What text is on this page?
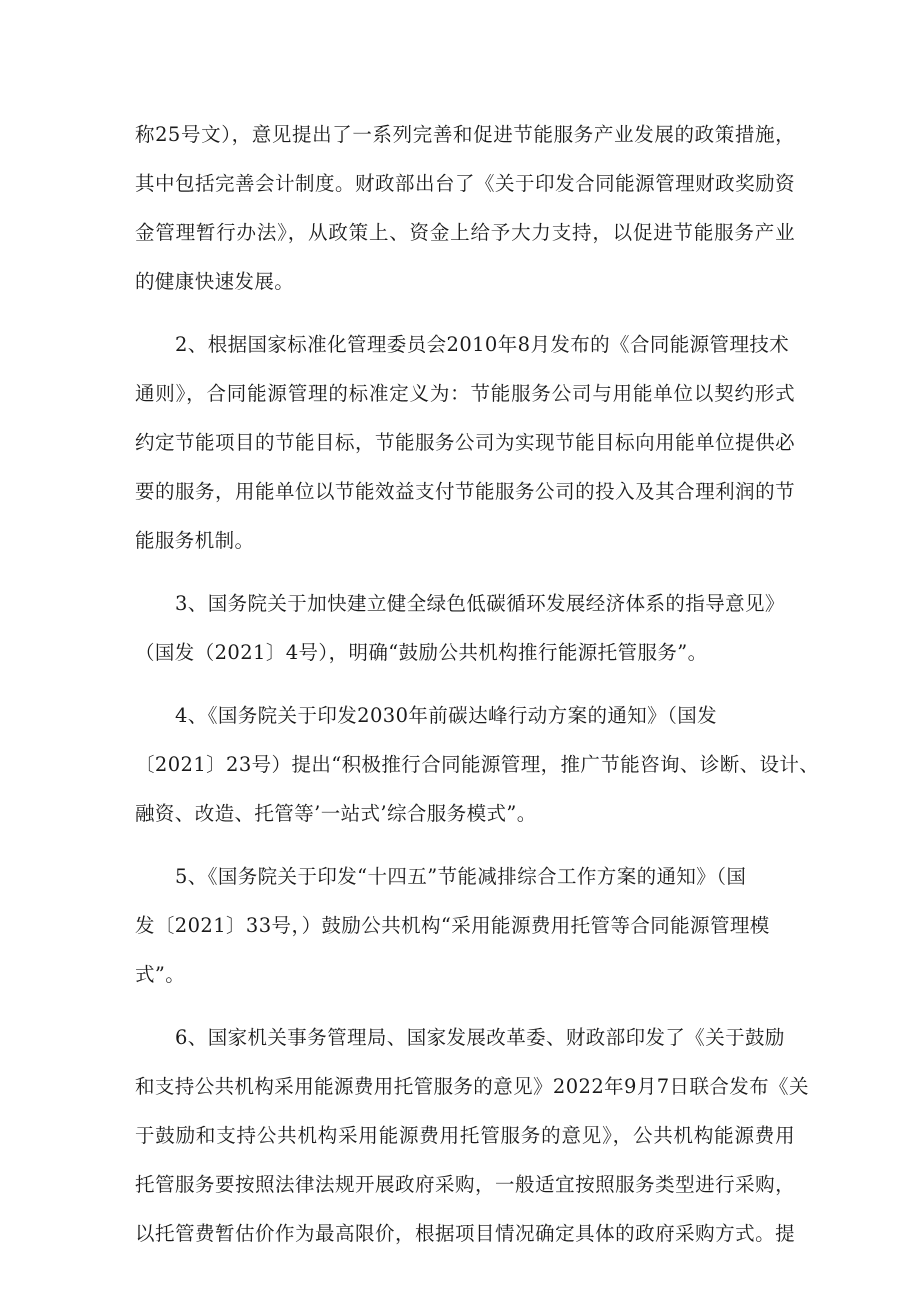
称25号文），意见提出了一系列完善和促进节能服务产业发展的政策措施，
其中包括完善会计制度。财政部出台了《关于印发合同能源管理财政奖励资
金管理暂行办法》，从政策上、资金上给予大力支持，以促进节能服务产业
的健康快速发展。

2、根据国家标准化管理委员会2010年8月发布的《合同能源管理技术
通则》，合同能源管理的标准定义为：节能服务公司与用能单位以契约形式
约定节能项目的节能目标，节能服务公司为实现节能目标向用能单位提供必
要的服务，用能单位以节能效益支付节能服务公司的投入及其合理利润的节
能服务机制。

3、国务院关于加快建立健全绿色低碳循环发展经济体系的指导意见》
（国发（2021〕4号），明确“鼓励公共机构推行能源托管服务”。

4、《国务院关于印发2030年前碳达峰行动方案的通知》（国发
〔2021〕23号）提出“积极推行合同能源管理，推广节能咨询、诊断、设计、
融资、改造、托管等’一站式’综合服务模式”。

5、《国务院关于印发“十四五”节能减排综合工作方案的通知》（国
发〔2021〕33号，）鼓励公共机构“采用能源费用托管等合同能源管理模
式”。

6、国家机关事务管理局、国家发展改革委、财政部印发了《关于鼓励
和支持公共机构采用能源费用托管服务的意见》2022年9月7日联合发布《关
于鼓励和支持公共机构采用能源费用托管服务的意见》，公共机构能源费用
托管服务要按照法律法规开展政府采购，一般适宜按照服务类型进行采购，
以托管费暂估价作为最高限价，根据项目情况确定具体的政府采购方式。提
